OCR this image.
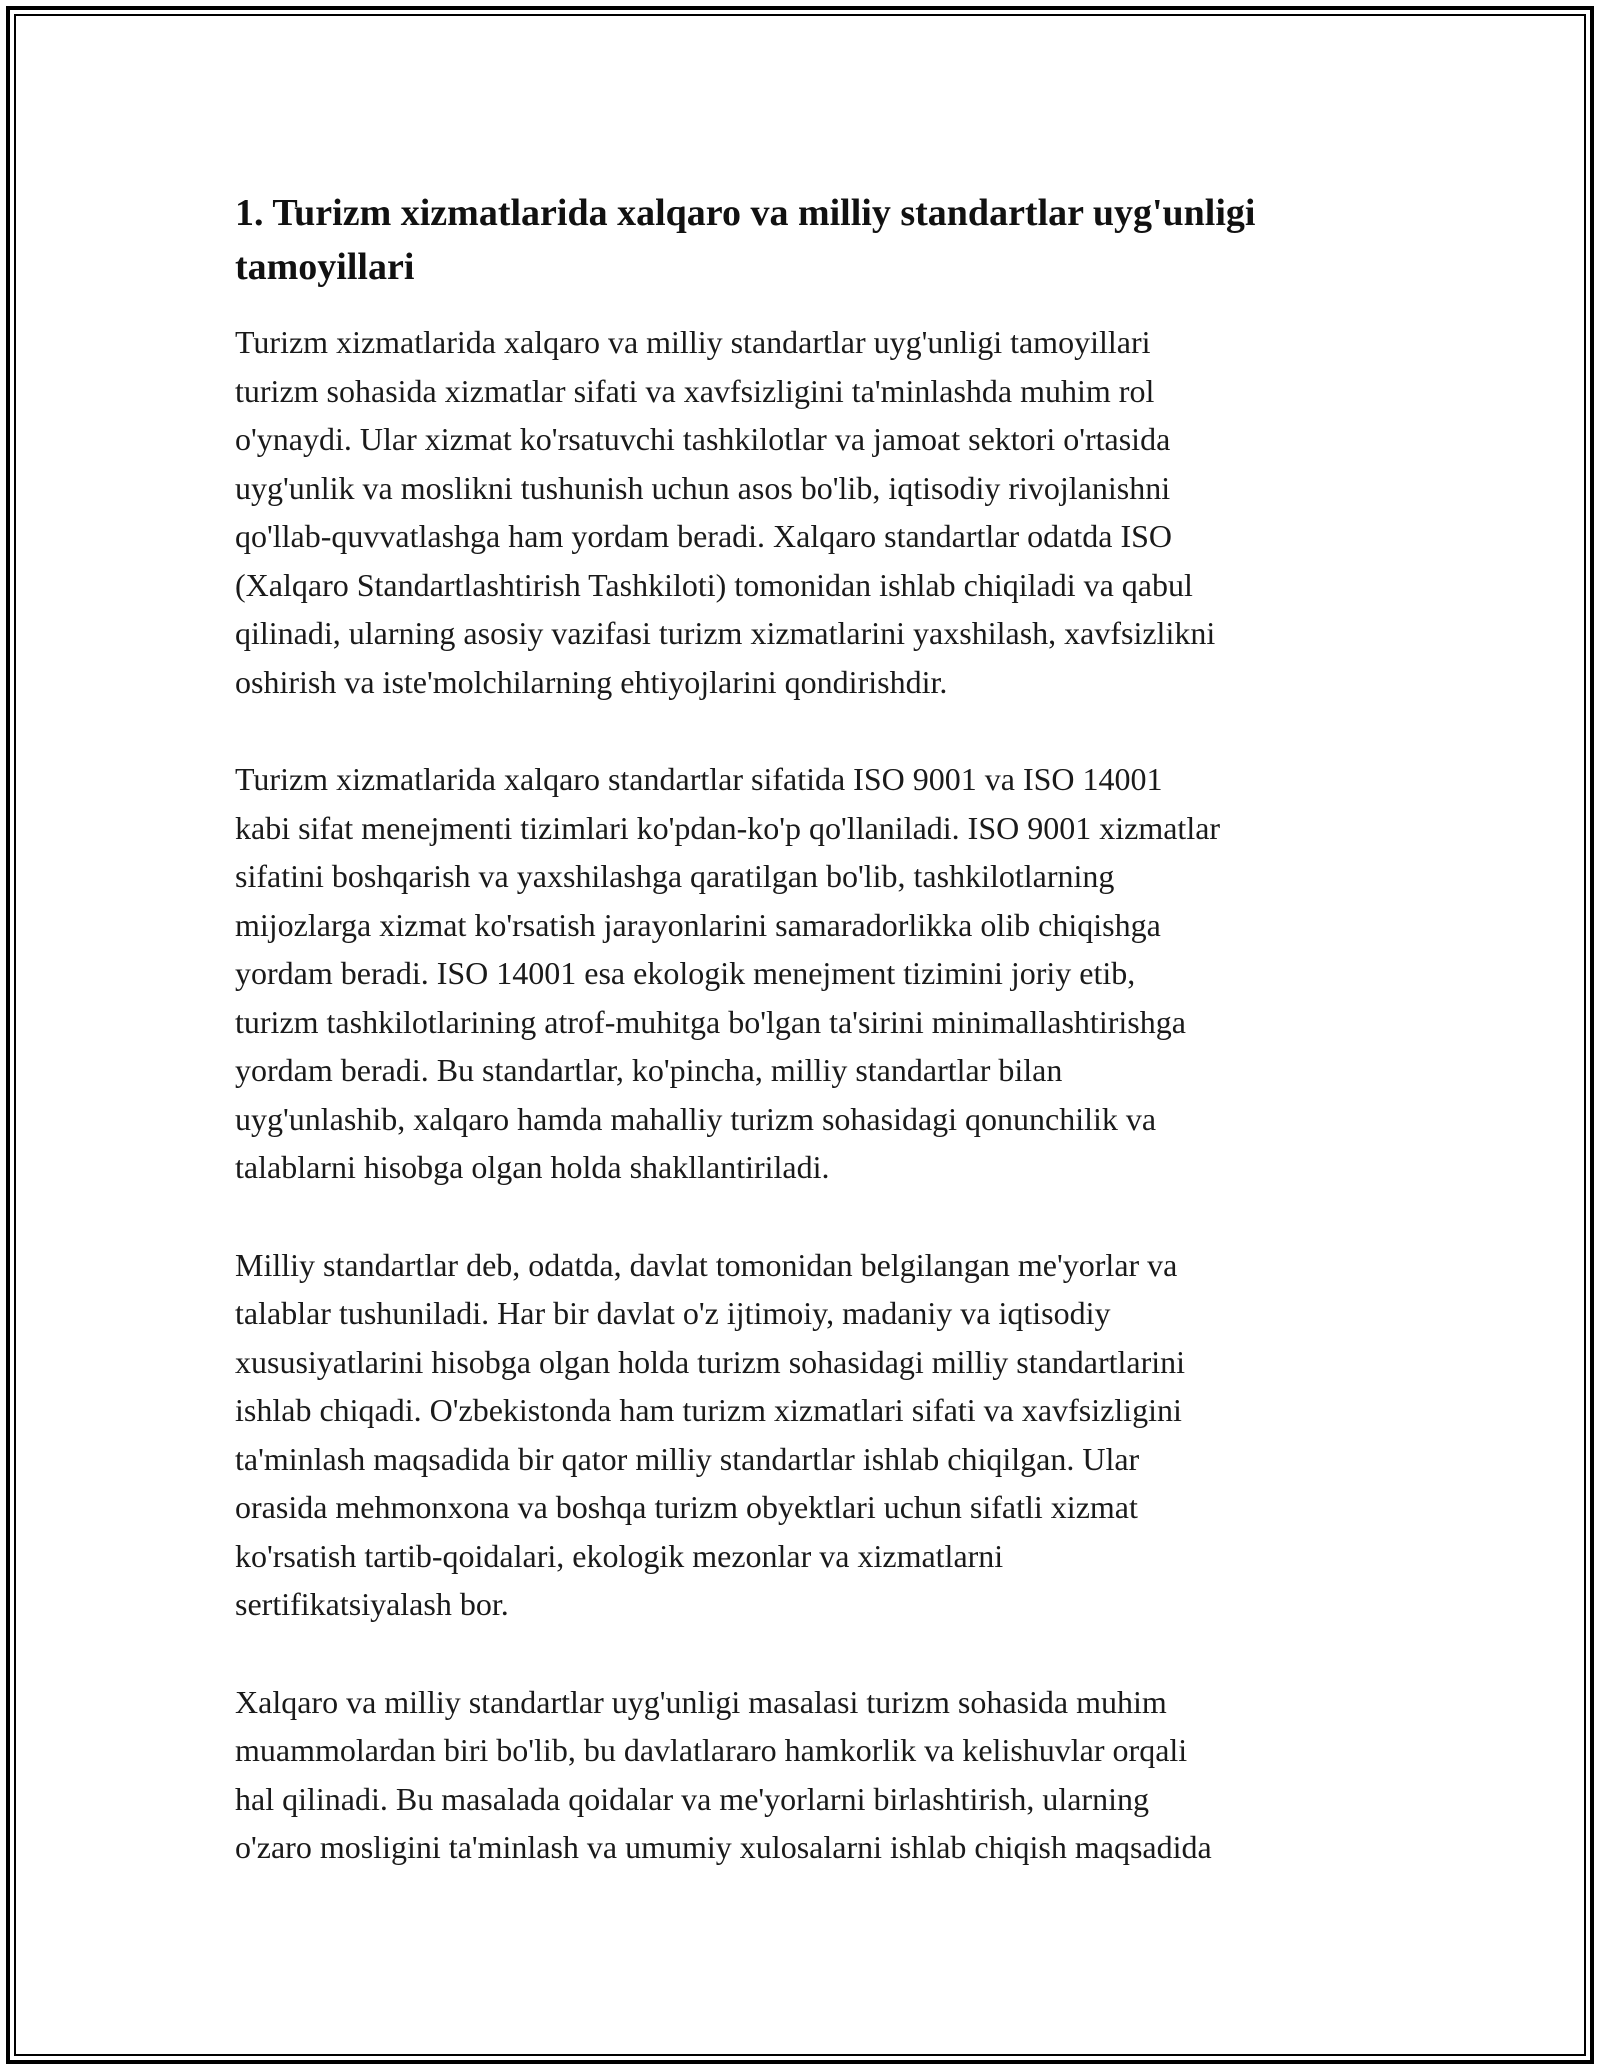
1. Turizm xizmatlarida xalqaro va milliy standartlar uyg'unligi
tamoyillari

Turizm xizmatlarida xalqaro va milliy standartlar uyg'unligi tamoyillari
turizm sohasida xizmatlar sifati va xavfsizligini ta'minlashda muhim rol
o'ynaydi. Ular xizmat ko'rsatuvchi tashkilotlar va jamoat sektori o'rtasida
uyg'unlik va moslikni tushunish uchun asos bo'lib, iqtisodiy rivojlanishni
qo'llab-quvvatlashga ham yordam beradi. Xalqaro standartlar odatda ISO
(Xalqaro Standartlashtirish Tashkiloti) tomonidan ishlab chiqiladi va qabul
qilinadi, ularning asosiy vazifasi turizm xizmatlarini yaxshilash, xavfsizlikni
oshirish va iste'molchilarning ehtiyojlarini qondirishdir.

Turizm xizmatlarida xalqaro standartlar sifatida ISO 9001 va ISO 14001
kabi sifat menejmenti tizimlari ko'pdan-ko'p qo'llaniladi. ISO 9001 xizmatlar
sifatini boshqarish va yaxshilashga qaratilgan bo'lib, tashkilotlarning
mijozlarga xizmat ko'rsatish jarayonlarini samaradorlikka olib chiqishga
yordam beradi. ISO 14001 esa ekologik menejment tizimini joriy etib,
turizm tashkilotlarining atrof-muhitga bo'lgan ta'sirini minimallashtirishga
yordam beradi. Bu standartlar, ko'pincha, milliy standartlar bilan
uyg'unlashib, xalqaro hamda mahalliy turizm sohasidagi qonunchilik va
talablarni hisobga olgan holda shakllantiriladi.

Milliy standartlar deb, odatda, davlat tomonidan belgilangan me'yorlar va
talablar tushuniladi. Har bir davlat o'z ijtimoiy, madaniy va iqtisodiy
xususiyatlarini hisobga olgan holda turizm sohasidagi milliy standartlarini
ishlab chiqadi. O'zbekistonda ham turizm xizmatlari sifati va xavfsizligini
ta'minlash maqsadida bir qator milliy standartlar ishlab chiqilgan. Ular
orasida mehmonxona va boshqa turizm obyektlari uchun sifatli xizmat
ko'rsatish tartib-qoidalari, ekologik mezonlar va xizmatlarni
sertifikatsiyalash bor.

Xalqaro va milliy standartlar uyg'unligi masalasi turizm sohasida muhim
muammolardan biri bo'lib, bu davlatlararo hamkorlik va kelishuvlar orqali
hal qilinadi. Bu masalada qoidalar va me'yorlarni birlashtirish, ularning
o'zaro mosligini ta'minlash va umumiy xulosalarni ishlab chiqish maqsadida
